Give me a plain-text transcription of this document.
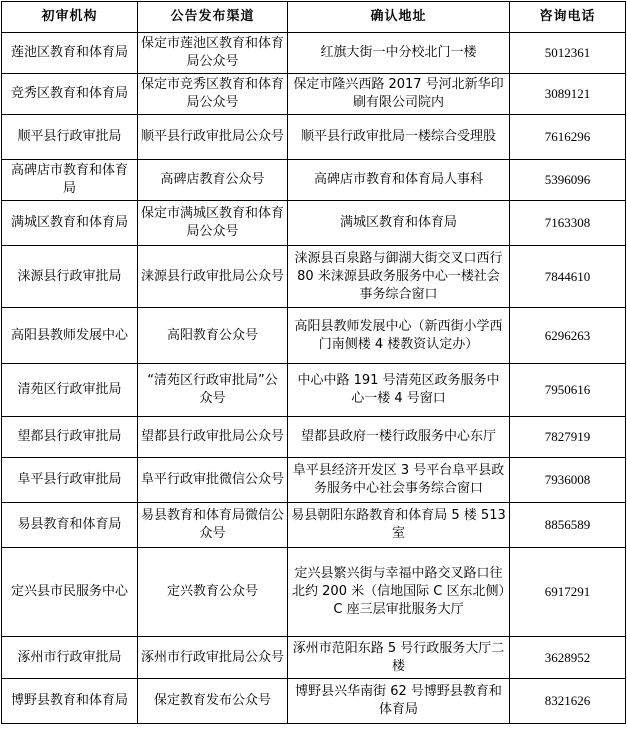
初审机构	公告发布渠道	确认地址	咨询电话
莲池区教育和体育局	保定市莲池区教育和体育局公众号	红旗大街一中分校北门一楼	5012361
竞秀区教育和体育局	保定市竞秀区教育和体育局公众号	保定市隆兴西路 2017 号河北新华印刷有限公司院内	3089121
顺平县行政审批局	顺平县行政审批局公众号	顺平县行政审批局一楼综合受理股	7616296
高碑店市教育和体育局	高碑店教育公众号	高碑店市教育和体育局人事科	5396096
满城区教育和体育局	保定市满城区教育和体育局公众号	满城区教育和体育局	7163308
涞源县行政审批局	涞源县行政审批局公众号	涞源县百泉路与御湖大街交叉口西行 80 米涞源县政务服务中心一楼社会事务综合窗口	7844610
高阳县教师发展中心	高阳教育公众号	高阳县教师发展中心（新西街小学西门南侧楼 4 楼教资认定办）	6296263
清苑区行政审批局	“清苑区行政审批局”公众号	中心中路 191 号清苑区政务服务中心一楼 4 号窗口	7950616
望都县行政审批局	望都县行政审批局公众号	望都县政府一楼行政服务中心东厅	7827919
阜平县行政审批局	阜平行政审批微信公众号	阜平县经济开发区 3 号平台阜平县政务服务中心社会事务综合窗口	7936008
易县教育和体育局	易县教育和体育局微信公众号	易县朝阳东路教育和体育局 5 楼 513 室	8856589
定兴县市民服务中心	定兴教育公众号	定兴县繁兴街与幸福中路交叉路口往北约 200 米（信地国际 C 区东北侧）C 座三层审批服务大厅	6917291
涿州市行政审批局	涿州市行政审批局公众号	涿州市范阳东路 5 号行政服务大厅二楼	3628952
博野县教育和体育局	保定教育发布公众号	博野县兴华南街 62 号博野县教育和体育局	8321626
